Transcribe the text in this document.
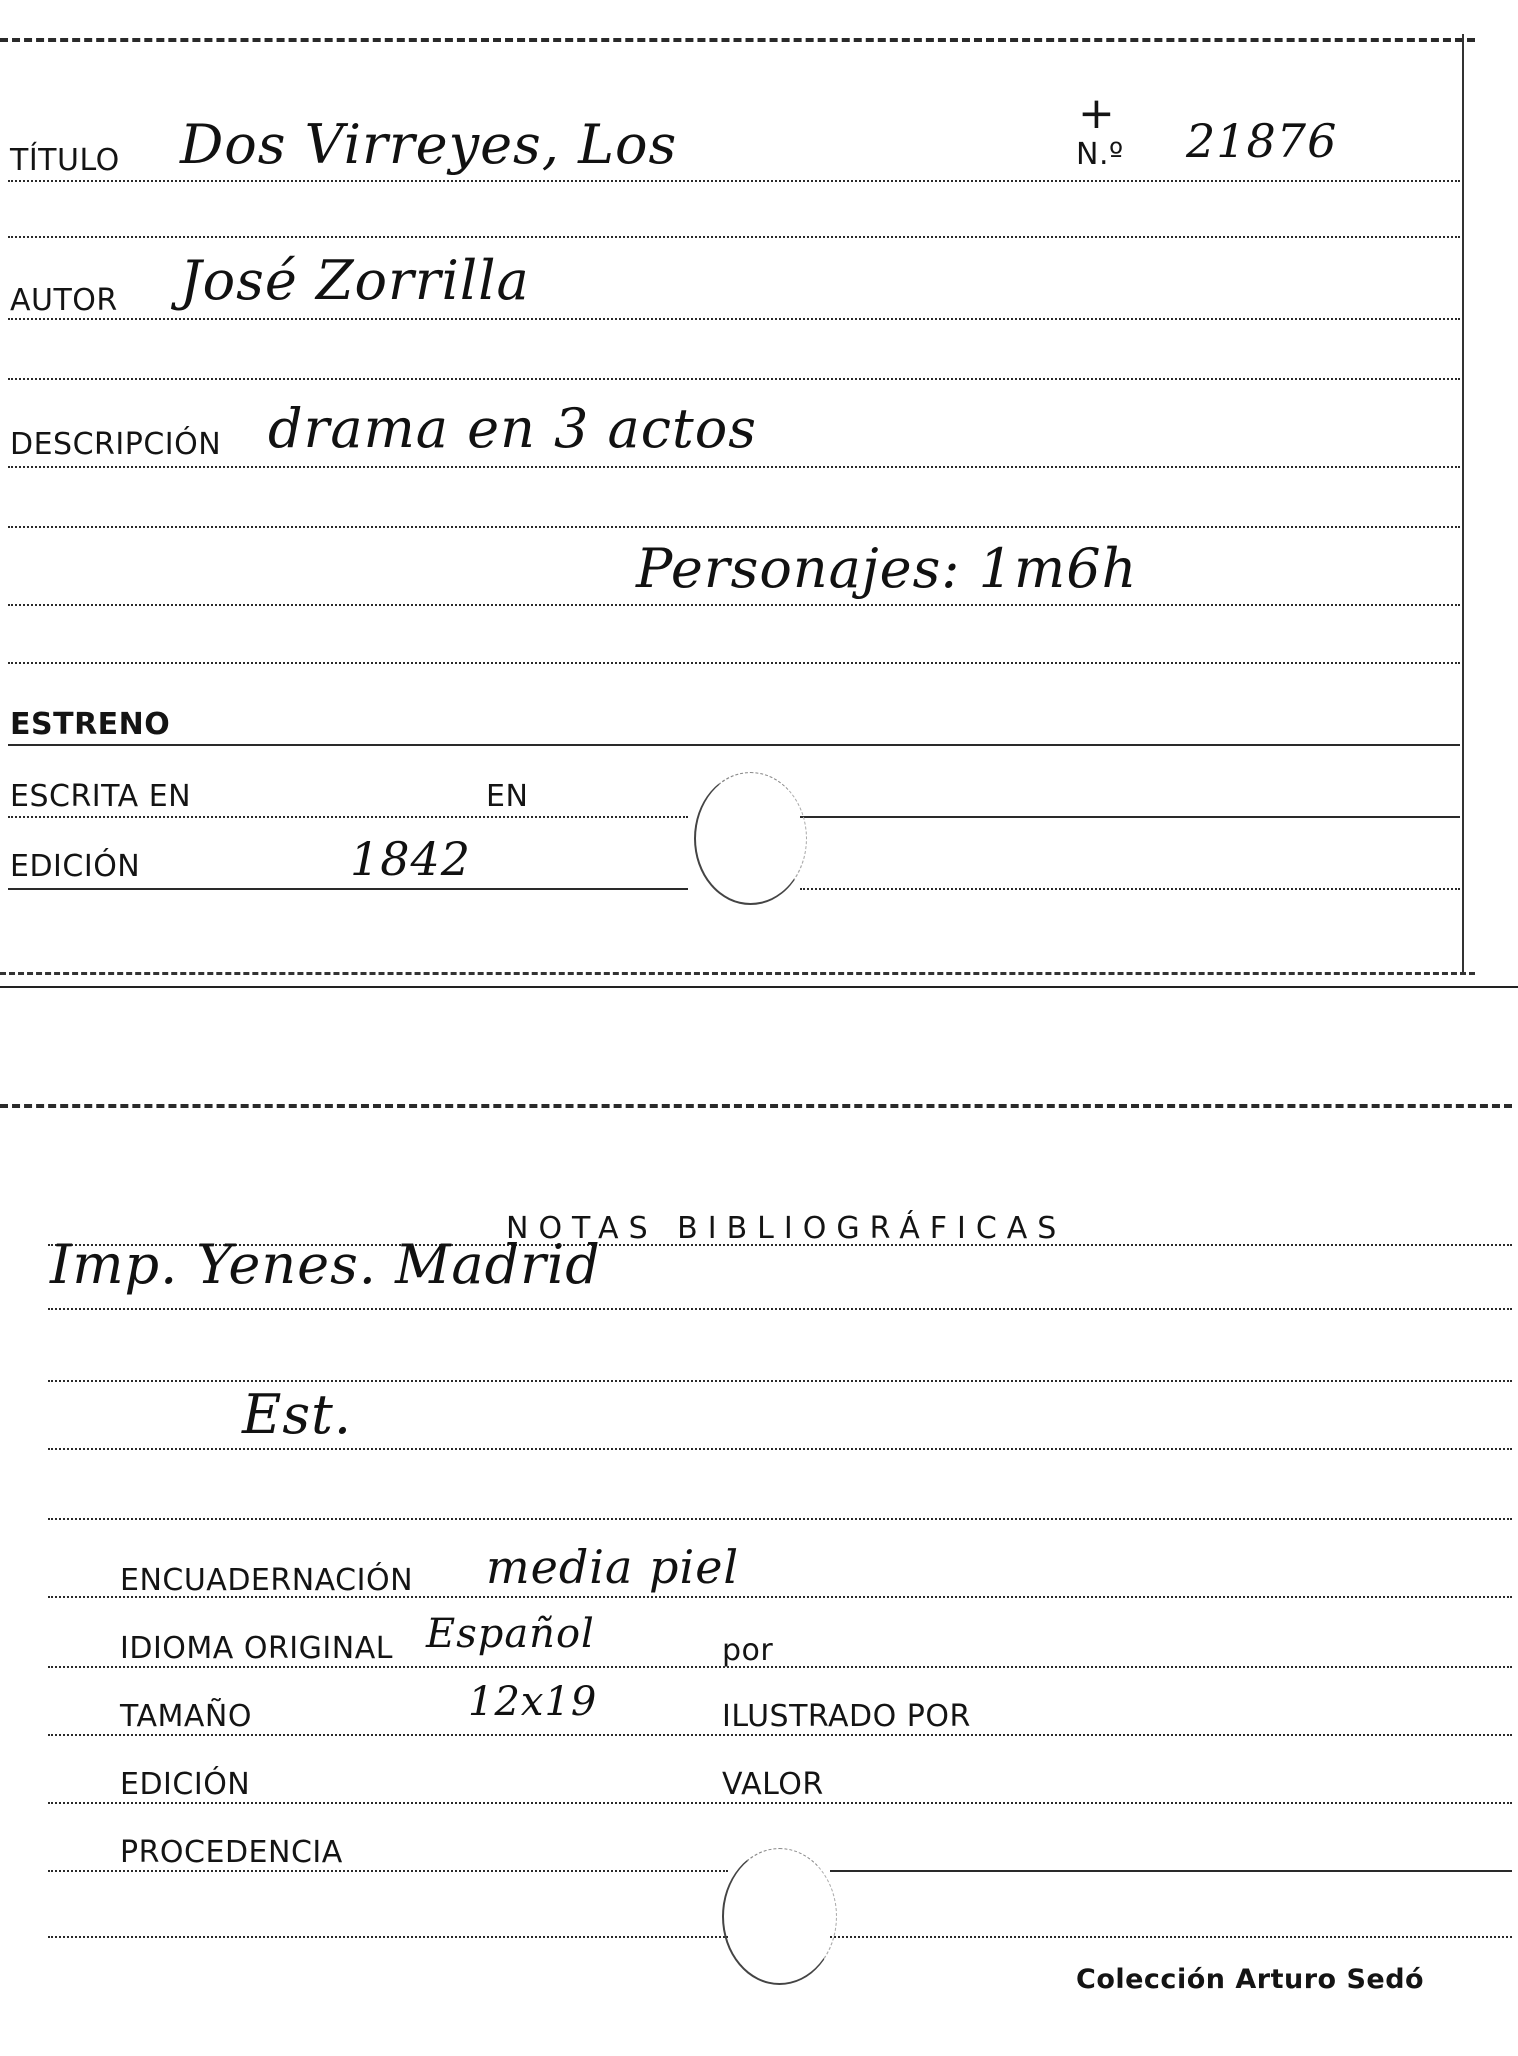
TÍTULO Dos Virreyes, Los	+
N.º 21876
AUTOR José Zorrilla
DESCRIPCIÓN drama en 3 actos
Personajes: 1m6h
ESTRENO
ESCRITA EN	EN
EDICIÓN	1842
NOTAS BIBLIOGRÁFICAS
Imp. Yenes. Madrid
Est.
ENCUADERNACIÓN media piel
IDIOMA ORIGINAL Español	por
TAMAÑO	12x19	ILUSTRADO POR
EDICIÓN	VALOR
PROCEDENCIA
Colección Arturo Sedó
